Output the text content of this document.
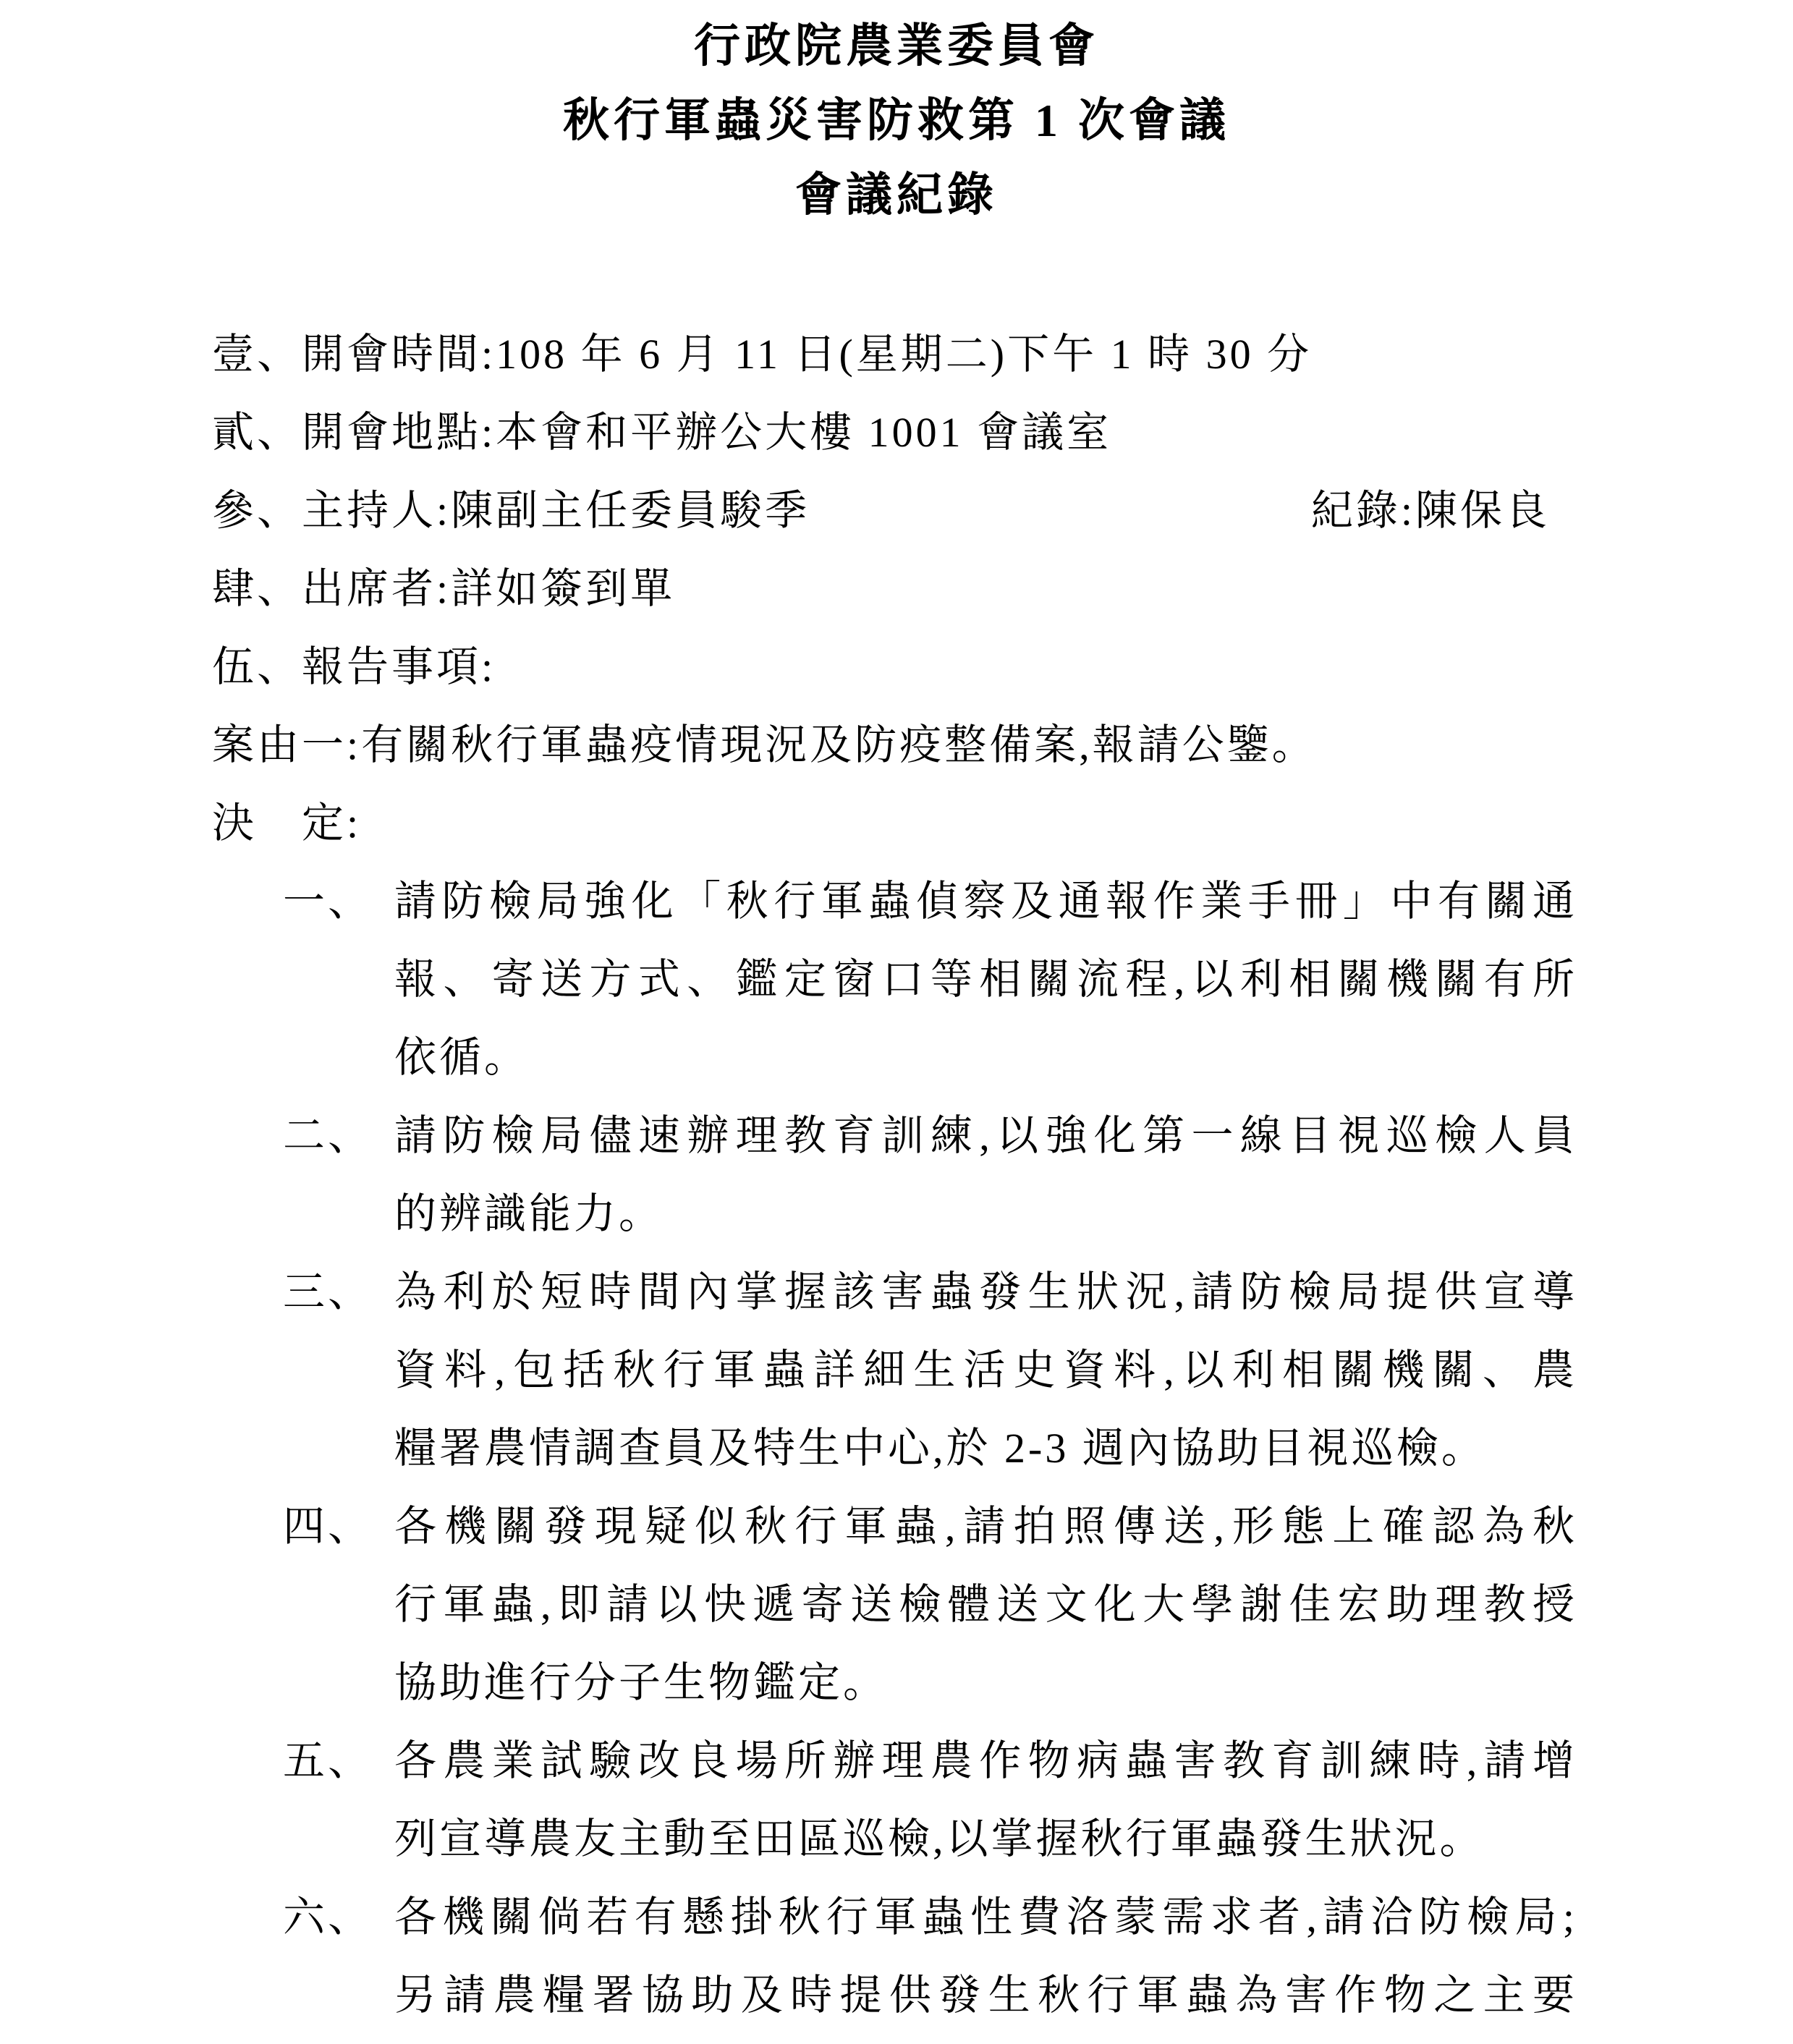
行政院農業委員會
秋行軍蟲災害防救第 1 次會議
會議紀錄
壹、開會時間:108 年 6 月 11 日(星期二)下午 1 時 30 分
貳、開會地點:本會和平辦公大樓 1001 會議室
參、主持人:陳副主任委員駿季	紀錄:陳保良
肆、出席者:詳如簽到單
伍、報告事項:
案由一:有關秋行軍蟲疫情現況及防疫整備案,報請公鑒。
決　定:
一、 請防檢局強化「秋行軍蟲偵察及通報作業手冊」中有關通
報、寄送方式、鑑定窗口等相關流程,以利相關機關有所
依循。
二、 請防檢局儘速辦理教育訓練,以強化第一線目視巡檢人員
的辨識能力。
三、 為利於短時間內掌握該害蟲發生狀況,請防檢局提供宣導
資料,包括秋行軍蟲詳細生活史資料,以利相關機關、農
糧署農情調查員及特生中心,於 2-3 週內協助目視巡檢。
四、 各機關發現疑似秋行軍蟲,請拍照傳送,形態上確認為秋
行軍蟲,即請以快遞寄送檢體送文化大學謝佳宏助理教授
協助進行分子生物鑑定。
五、 各農業試驗改良場所辦理農作物病蟲害教育訓練時,請增
列宣導農友主動至田區巡檢,以掌握秋行軍蟲發生狀況。
六、 各機關倘若有懸掛秋行軍蟲性費洛蒙需求者,請洽防檢局;
另請農糧署協助及時提供發生秋行軍蟲為害作物之主要
